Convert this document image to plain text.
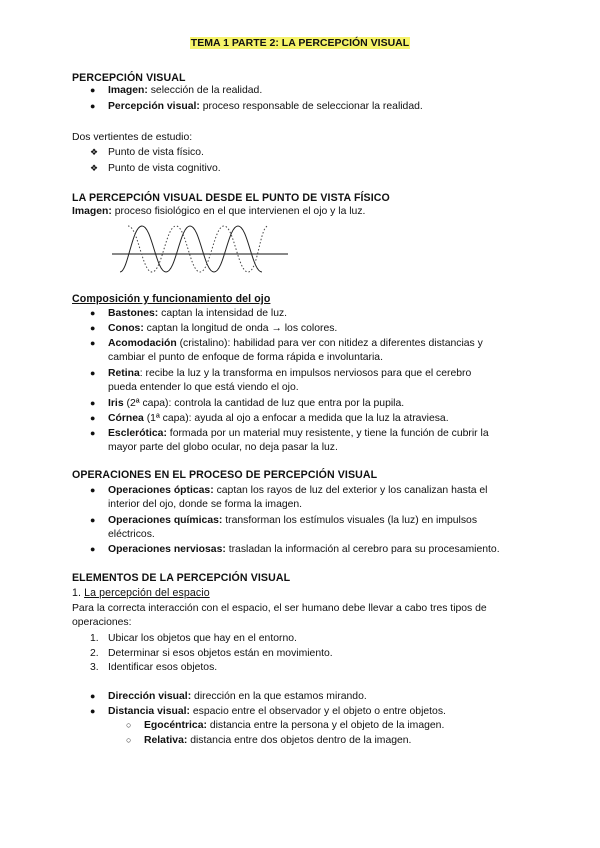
TEMA 1 PARTE 2: LA PERCEPCIÓN VISUAL
PERCEPCIÓN VISUAL
●
Imagen: selección de la realidad.
●
Percepción visual: proceso responsable de seleccionar la realidad.
Dos vertientes de estudio:
❖
Punto de vista físico.
❖
Punto de vista cognitivo.
LA PERCEPCIÓN VISUAL DESDE EL PUNTO DE VISTA FÍSICO
Imagen: proceso fisiológico en el que intervienen el ojo y la luz.
Composición y funcionamiento del ojo
●
Bastones: captan la intensidad de luz.
●
Conos: captan la longitud de onda → los colores.
●
Acomodación (cristalino): habilidad para ver con nitidez a diferentes distancias y
cambiar el punto de enfoque de forma rápida e involuntaria.
●
Retina: recibe la luz y la transforma en impulsos nerviosos para que el cerebro
pueda entender lo que está viendo el ojo.
●
Iris (2ª capa): controla la cantidad de luz que entra por la pupila.
●
Córnea (1ª capa): ayuda al ojo a enfocar a medida que la luz la atraviesa.
●
Esclerótica: formada por un material muy resistente, y tiene la función de cubrir la
mayor parte del globo ocular, no deja pasar la luz.
OPERACIONES EN EL PROCESO DE PERCEPCIÓN VISUAL
●
Operaciones ópticas: captan los rayos de luz del exterior y los canalizan hasta el
interior del ojo, donde se forma la imagen.
●
Operaciones químicas: transforman los estímulos visuales (la luz) en impulsos
eléctricos.
●
Operaciones nerviosas: trasladan la información al cerebro para su procesamiento.
ELEMENTOS DE LA PERCEPCIÓN VISUAL
1. La percepción del espacio
Para la correcta interacción con el espacio, el ser humano debe llevar a cabo tres tipos de
operaciones:
1. Ubicar los objetos que hay en el entorno.
2. Determinar si esos objetos están en movimiento.
3. Identificar esos objetos.
●
Dirección visual: dirección en la que estamos mirando.
●
Distancia visual: espacio entre el observador y el objeto o entre objetos.
○
Egocéntrica: distancia entre la persona y el objeto de la imagen.
○
Relativa: distancia entre dos objetos dentro de la imagen.
